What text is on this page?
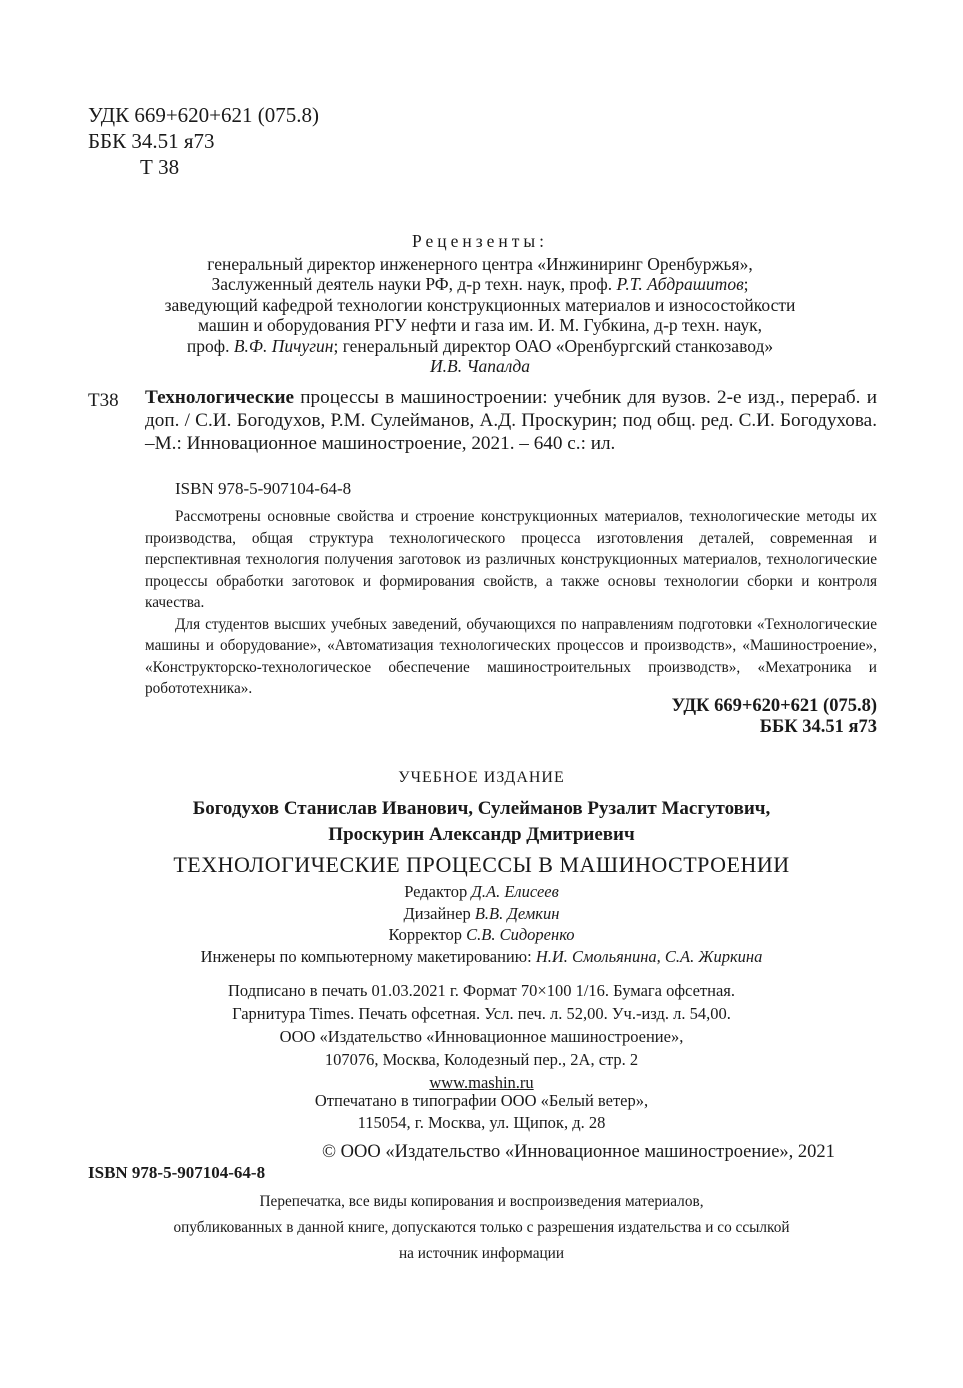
УДК 669+620+621 (075.8)
ББК 34.51 я73
Т 38
Рецензенты:
генеральный директор инженерного центра «Инжиниринг Оренбуржья»,
Заслуженный деятель науки РФ, д-р техн. наук, проф. Р.Т. Абдрашитов;
заведующий кафедрой технологии конструкционных материалов и износостойкости
машин и оборудования РГУ нефти и газа им. И. М. Губкина, д-р техн. наук,
проф. В.Ф. Пичугин; генеральный директор ОАО «Оренбургский станкозавод»
И.В. Чапалда
Т38 Технологические процессы в машиностроении: учебник для вузов. 2-е изд., перераб. и доп. / С.И. Богодухов, Р.М. Сулейманов, А.Д. Проскурин; под общ. ред. С.И. Богодухова. –М.: Инновационное машиностроение, 2021. – 640 с.: ил.
ISBN 978-5-907104-64-8

Рассмотрены основные свойства и строение конструкционных материалов, технологические методы их производства, общая структура технологического процесса изготовления деталей, современная и перспективная технология получения заготовок из различных конструкционных материалов, технологические процессы обработки заготовок и формирования свойств, а также основы технологии сборки и контроля качества.

Для студентов высших учебных заведений, обучающихся по направлениям подготовки «Технологические машины и оборудование», «Автоматизация технологических процессов и производств», «Машиностроение», «Конструкторско-технологическое обеспечение машиностроительных производств», «Мехатроника и робототехника».

УДК 669+620+621 (075.8)
ББК 34.51 я73
УЧЕБНОЕ ИЗДАНИЕ
Богодухов Станислав Иванович, Сулейманов Рузалит Масгутович,
Проскурин Александр Дмитриевич
ТЕХНОЛОГИЧЕСКИЕ ПРОЦЕССЫ В МАШИНОСТРОЕНИИ
Редактор Д.А. Елисеев
Дизайнер В.В. Демкин
Корректор С.В. Сидоренко
Инженеры по компьютерному макетированию: Н.И. Смольянина, С.А. Жиркина
Подписано в печать 01.03.2021 г. Формат 70×100 1/16. Бумага офсетная.
Гарнитура Times. Печать офсетная. Усл. печ. л. 52,00. Уч.-изд. л. 54,00.
ООО «Издательство «Инновационное машиностроение»,
107076, Москва, Колодезный пер., 2А, стр. 2
www.mashin.ru
Отпечатано в типографии ООО «Белый ветер»,
115054, г. Москва, ул. Щипок, д. 28
ISBN 978-5-907104-64-8
© ООО «Издательство «Инновационное машиностроение», 2021
Перепечатка, все виды копирования и воспроизведения материалов,
опубликованных в данной книге, допускаются только с разрешения издательства и со ссылкой
на источник информации
